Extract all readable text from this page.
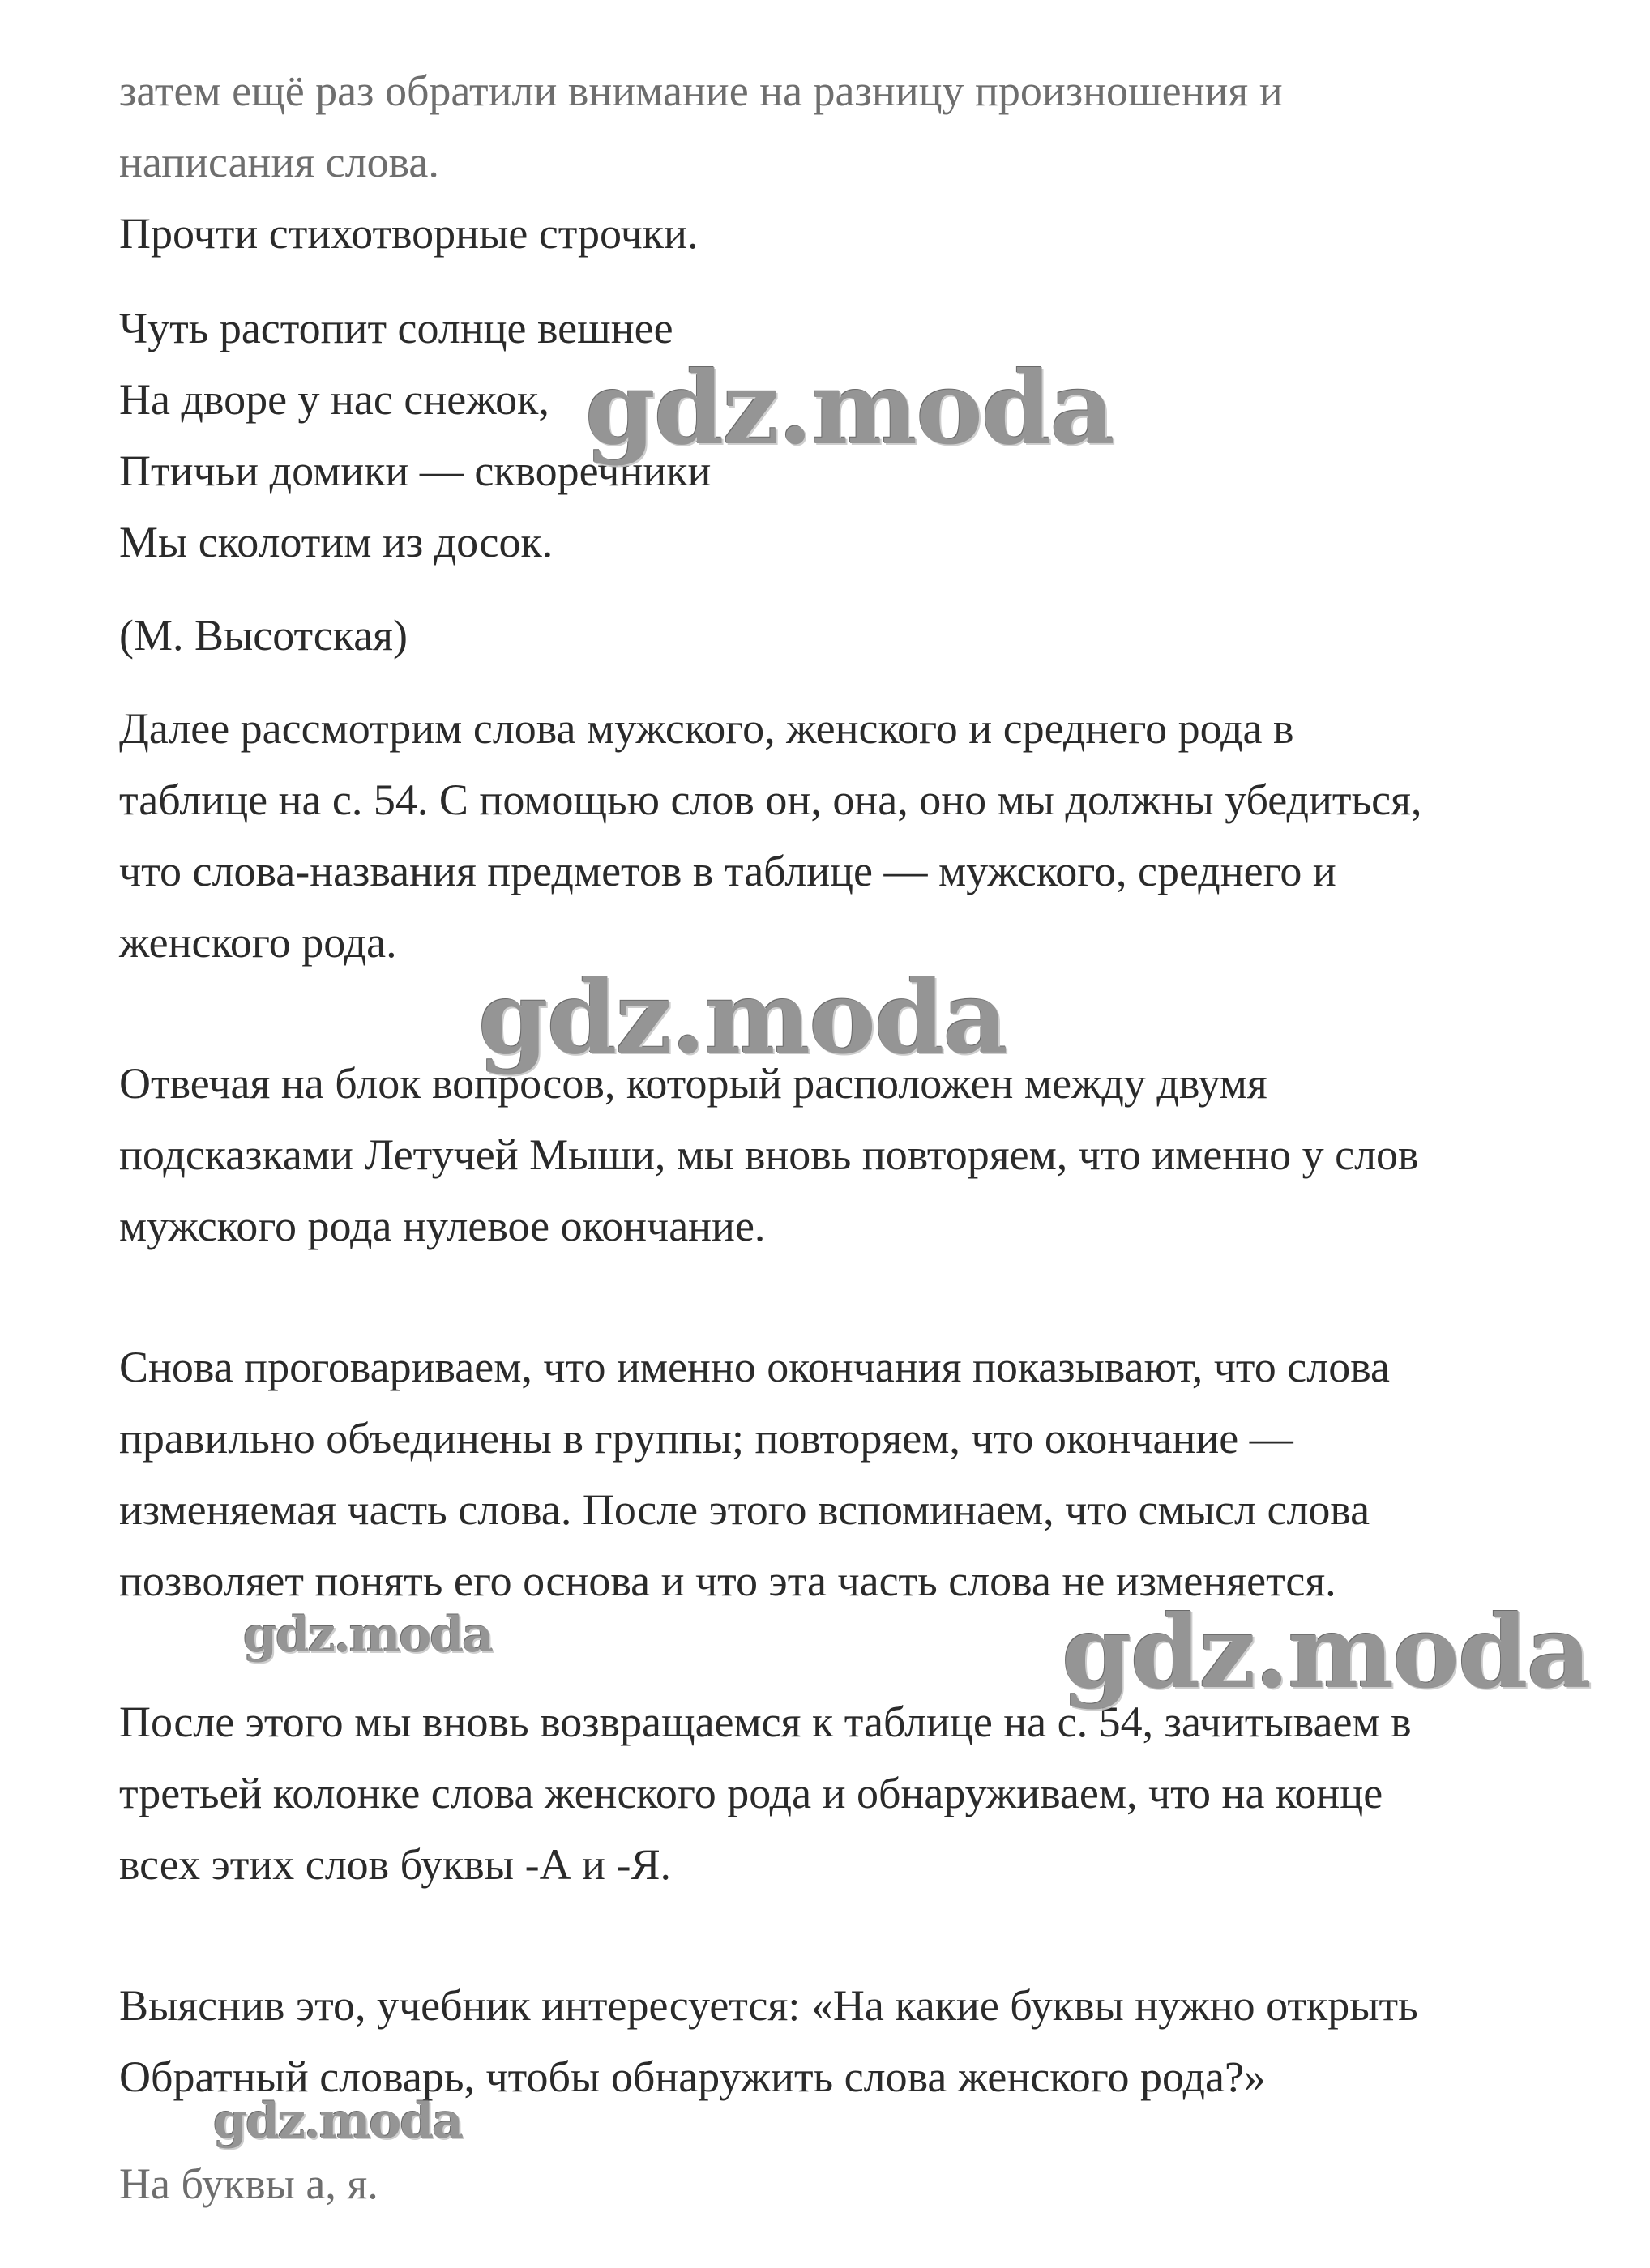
затем ещё раз обратили внимание на разницу произношения и

написания слова.

Прочти стихотворные строчки.

Чуть растопит солнце вешнее

На дворе у нас снежок,

Птичьи домики — скворечники

Мы сколотим из досок.

(М. Высотская)

Далее рассмотрим слова мужского, женского и среднего рода в

таблице на с. 54. С помощью слов он, она, оно мы должны убедиться,

что слова-названия предметов в таблице — мужского, среднего и

женского рода.

Отвечая на блок вопросов, который расположен между двумя

подсказками Летучей Мыши, мы вновь повторяем, что именно у слов

мужского рода нулевое окончание.

Снова проговариваем, что именно окончания показывают, что слова

правильно объединены в группы; повторяем, что окончание —

изменяемая часть слова. После этого вспоминаем, что смысл слова

позволяет понять его основа и что эта часть слова не изменяется.

После этого мы вновь возвращаемся к таблице на с. 54, зачитываем в

третьей колонке слова женского рода и обнаруживаем, что на конце

всех этих слов буквы -А и -Я.

Выяснив это, учебник интересуется: «На какие буквы нужно открыть

Обратный словарь, чтобы обнаружить слова женского рода?»

На буквы а, я.

gdz.moda
gdz.moda
gdz.moda	gdz.moda
gdz.moda
